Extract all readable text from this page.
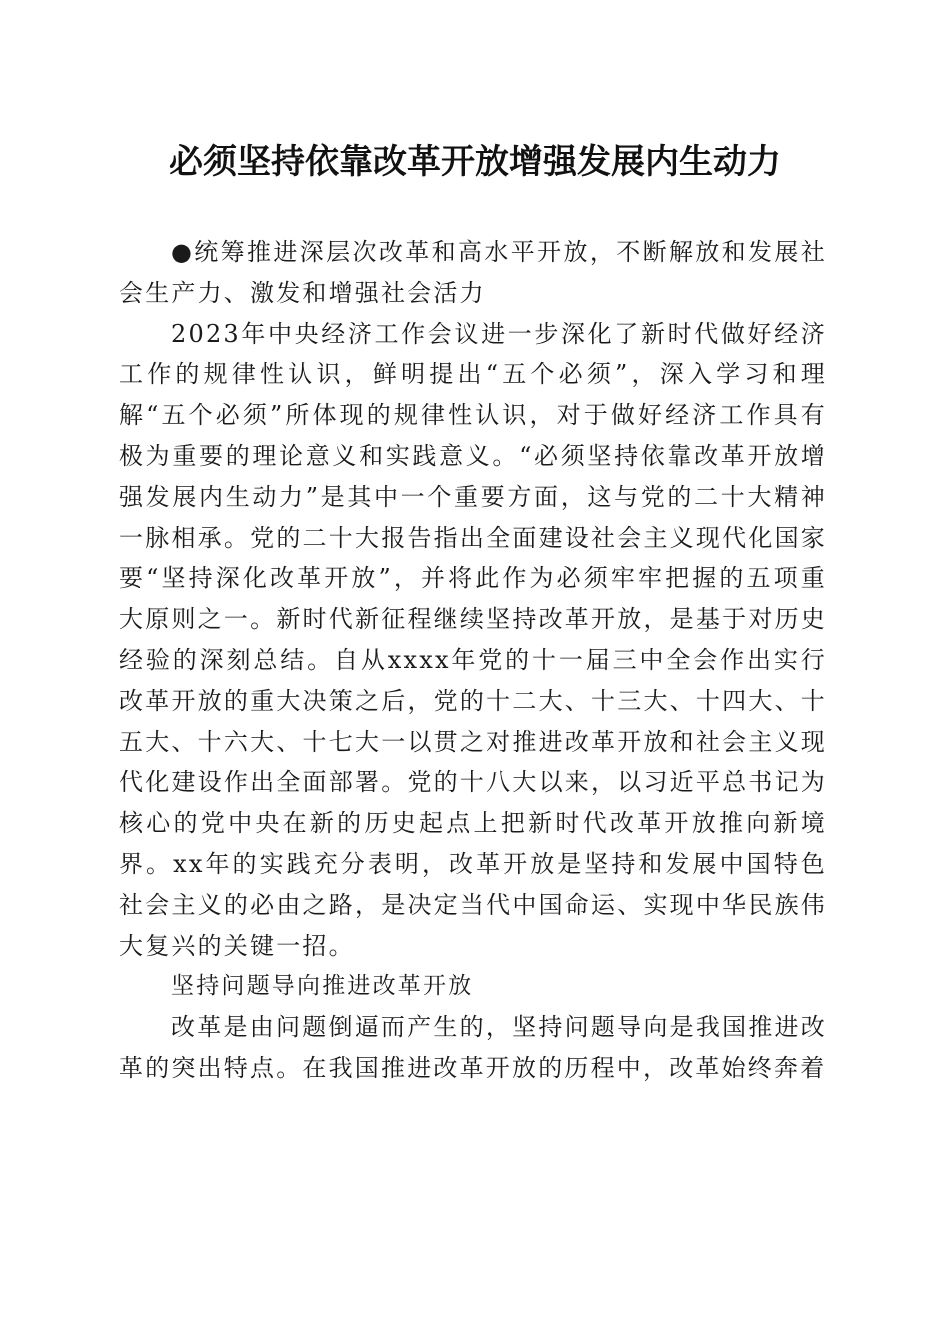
必须坚持依靠改革开放增强发展内生动力

●统筹推进深层次改革和高水平开放，不断解放和发展社会生产力、激发和增强社会活力

2023年中央经济工作会议进一步深化了新时代做好经济工作的规律性认识，鲜明提出“五个必须”，深入学习和理解“五个必须”所体现的规律性认识，对于做好经济工作具有极为重要的理论意义和实践意义。“必须坚持依靠改革开放增强发展内生动力”是其中一个重要方面，这与党的二十大精神一脉相承。党的二十大报告指出全面建设社会主义现代化国家要“坚持深化改革开放”，并将此作为必须牢牢把握的五项重大原则之一。新时代新征程继续坚持改革开放，是基于对历史经验的深刻总结。自从xxxx年党的十一届三中全会作出实行改革开放的重大决策之后，党的十二大、十三大、十四大、十五大、十六大、十七大一以贯之对推进改革开放和社会主义现代化建设作出全面部署。党的十八大以来，以习近平总书记为核心的党中央在新的历史起点上把新时代改革开放推向新境界。xx年的实践充分表明，改革开放是坚持和发展中国特色社会主义的必由之路，是决定当代中国命运、实现中华民族伟大复兴的关键一招。

坚持问题导向推进改革开放

改革是由问题倒逼而产生的，坚持问题导向是我国推进改革的突出特点。在我国推进改革开放的历程中，改革始终奔着
